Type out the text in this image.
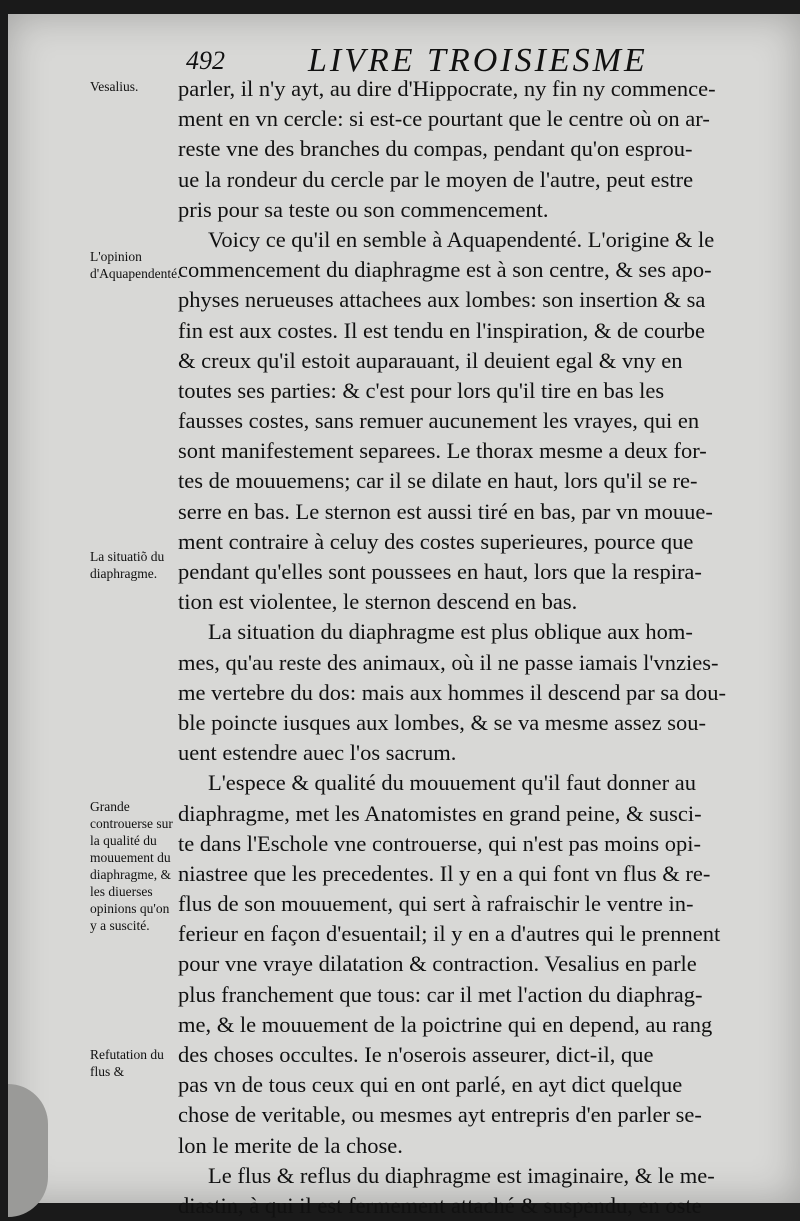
492 LIVRE TROISIESME
Vesalius.
L'opinion d'Aquapendenté.
La situatiõ du diaphragme.
Grande controuerse sur la qualité du mouuement du diaphragme, & les diuerses opinions qu'on y a suscité.
Refutation du flus &
parler, il n'y ayt, au dire d'Hippocrate, ny fin ny commence-
ment en vn cercle: si est-ce pourtant que le centre où on ar-
reste vne des branches du compas, pendant qu'on esprou-
ue la rondeur du cercle par le moyen de l'autre, peut estre
pris pour sa teste ou son commencement.
Voicy ce qu'il en semble à Aquapendenté. L'origine & le
commencement du diaphragme est à son centre, & ses apo-
physes nerueuses attachees aux lombes: son insertion & sa
fin est aux costes. Il est tendu en l'inspiration, & de courbe
& creux qu'il estoit auparauant, il deuient egal & vny en
toutes ses parties: & c'est pour lors qu'il tire en bas les
fausses costes, sans remuer aucunement les vrayes, qui en
sont manifestement separees. Le thorax mesme a deux for-
tes de mouuemens; car il se dilate en haut, lors qu'il se re-
serre en bas. Le sternon est aussi tiré en bas, par vn mouue-
ment contraire à celuy des costes superieures, pource que
pendant qu'elles sont poussees en haut, lors que la respira-
tion est violentee, le sternon descend en bas.
La situation du diaphragme est plus oblique aux hom-
mes, qu'au reste des animaux, où il ne passe iamais l'vnzies-
me vertebre du dos: mais aux hommes il descend par sa dou-
ble poincte iusques aux lombes, & se va mesme assez sou-
uent estendre auec l'os sacrum.
L'espece & qualité du mouuement qu'il faut donner au
diaphragme, met les Anatomistes en grand peine, & susci-
te dans l'Eschole vne controuerse, qui n'est pas moins opi-
niastree que les precedentes. Il y en a qui font vn flus & re-
flus de son mouuement, qui sert à rafraischir le ventre in-
ferieur en façon d'esuentail; il y en a d'autres qui le prennent
pour vne vraye dilatation & contraction. Vesalius en parle
plus franchement que tous: car il met l'action du diaphrag-
me, & le mouuement de la poictrine qui en depend, au rang
des choses occultes. Ie n'oserois asseurer, dict-il, que
pas vn de tous ceux qui en ont parlé, en ayt dict quelque
chose de veritable, ou mesmes ayt entrepris d'en parler se-
lon le merite de la chose.
Le flus & reflus du diaphragme est imaginaire, & le me-
diastin, à qui il est fermement attaché & suspendu, en oste
